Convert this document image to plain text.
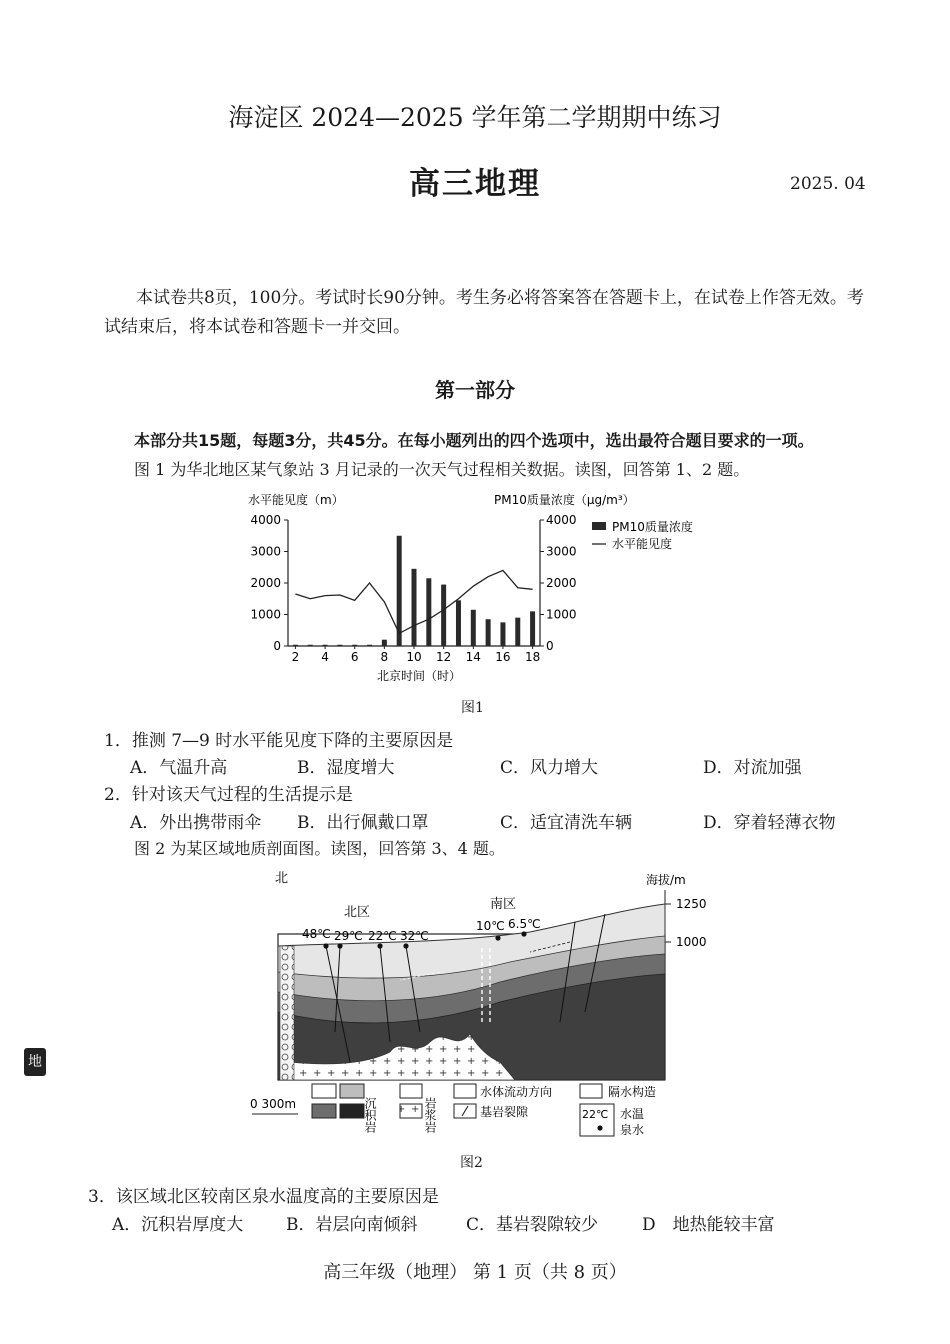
海淀区 2024—2025 学年第二学期期中练习
高三地理	2025. 04
本试卷共8页，100分。考试时长90分钟。考生务必将答案答在答题卡上，在试卷上作答无效。考试结束后，将本试卷和答题卡一并交回。
第一部分
本部分共15题，每题3分，共45分。在每小题列出的四个选项中，选出最符合题目要求的一项。
图 1 为华北地区某气象站 3 月记录的一次天气过程相关数据。读图，回答第 1、2 题。
水平能见度（m）	PM10质量浓度（μg/m³）
0
1000
2000
3000
4000
0
1000
2000
3000
4000
2 4 6 8 10 12 14 16 18
北京时间（时）
PM10质量浓度
水平能见度
图1
1．推测 7—9 时水平能见度下降的主要原因是
A．气温升高	B．湿度增大	C．风力增大	D．对流加强
2．针对该天气过程的生活提示是
A．外出携带雨伞 B．出行佩戴口罩	C．适宜清洗车辆	D．穿着轻薄衣物
图 2 为某区域地质剖面图。读图，回答第 3、4 题。
北	海拔/m
1250
1000
北区
南区
48℃ 29℃ 22℃ 32℃
10℃ 6.5℃
0 300m	沉积岩	岩浆岩
水体流动方向
基岩裂隙
隔水构造
22℃ 水温
泉水
图2
3．该区域北区较南区泉水温度高的主要原因是
A．沉积岩厚度大	B．岩层向南倾斜	C．基岩裂隙较少	D　地热能较丰富
高三年级（地理） 第 1 页（共 8 页）
地
